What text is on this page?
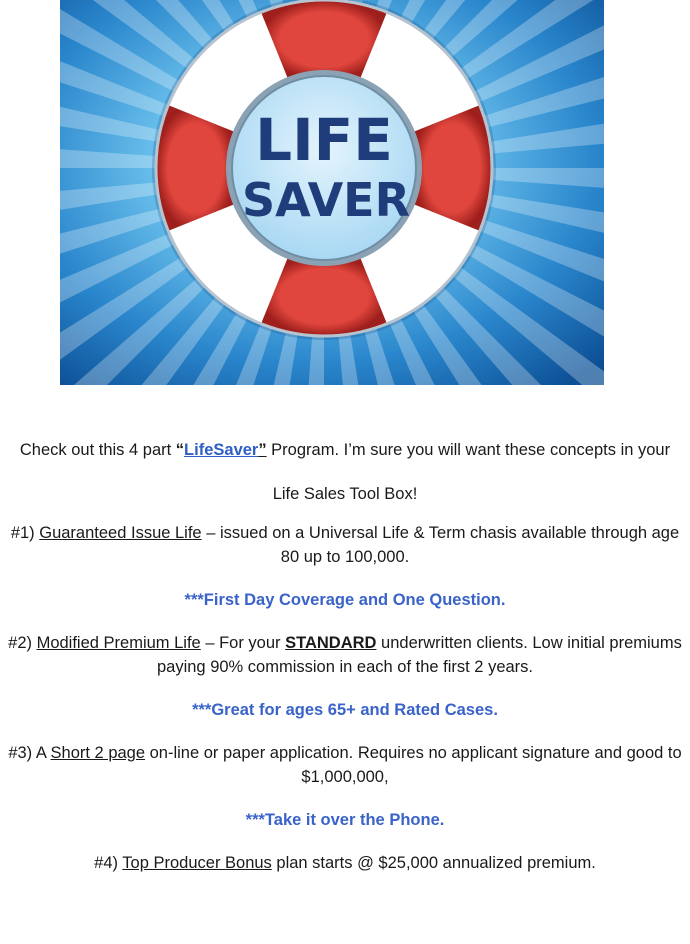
LIFE
SAVER

Check out this 4 part “LifeSaver” Program. I’m sure you will want these concepts in your

Life Sales Tool Box!

#1) Guaranteed Issue Life – issued on a Universal Life & Term chasis available through age 80 up to 100,000.

***First Day Coverage and One Question.

#2) Modified Premium Life – For your STANDARD underwritten clients. Low initial premiums paying 90% commission in each of the first 2 years.

***Great for ages 65+ and Rated Cases.

#3) A Short 2 page on-line or paper application. Requires no applicant signature and good to $1,000,000,

***Take it over the Phone.

#4) Top Producer Bonus plan starts @ $25,000 annualized premium.
